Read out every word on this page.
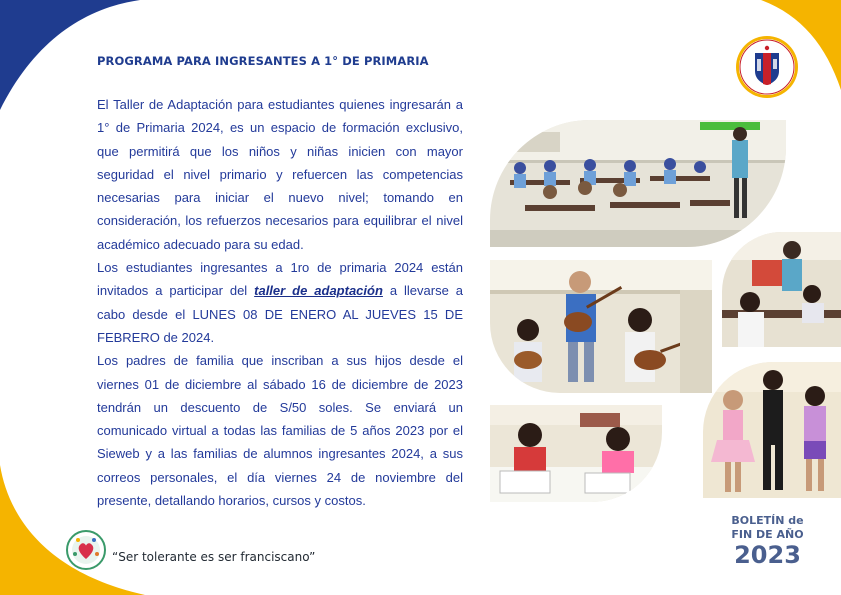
PROGRAMA PARA INGRESANTES A 1° DE PRIMARIA

El Taller de Adaptación para estudiantes quienes ingresarán a 1° de Primaria 2024, es un espacio de formación exclusivo, que permitirá que los niños y niñas inicien con mayor seguridad el nivel primario y refuercen las competencias necesarias para iniciar el nuevo nivel; tomando en consideración, los refuerzos necesarios para equilibrar el nivel académico adecuado para su edad.

Los estudiantes ingresantes a 1ro de primaria 2024 están invitados a participar del taller de adaptación a llevarse a cabo desde el LUNES 08 DE ENERO AL JUEVES 15 DE FEBRERO de 2024.

Los padres de familia que inscriban a sus hijos desde el viernes 01 de diciembre al sábado 16 de diciembre de 2023 tendrán un descuento de S/50 soles. Se enviará un comunicado virtual a todas las familias de 5 años 2023 por el Sieweb y a las familias de alumnos ingresantes 2024, a sus correos personales, el día viernes 24 de noviembre del presente, detallando horarios, cursos y costos.

“Ser tolerante es ser franciscano”
BOLETÍN de
FIN DE AÑO
2023
